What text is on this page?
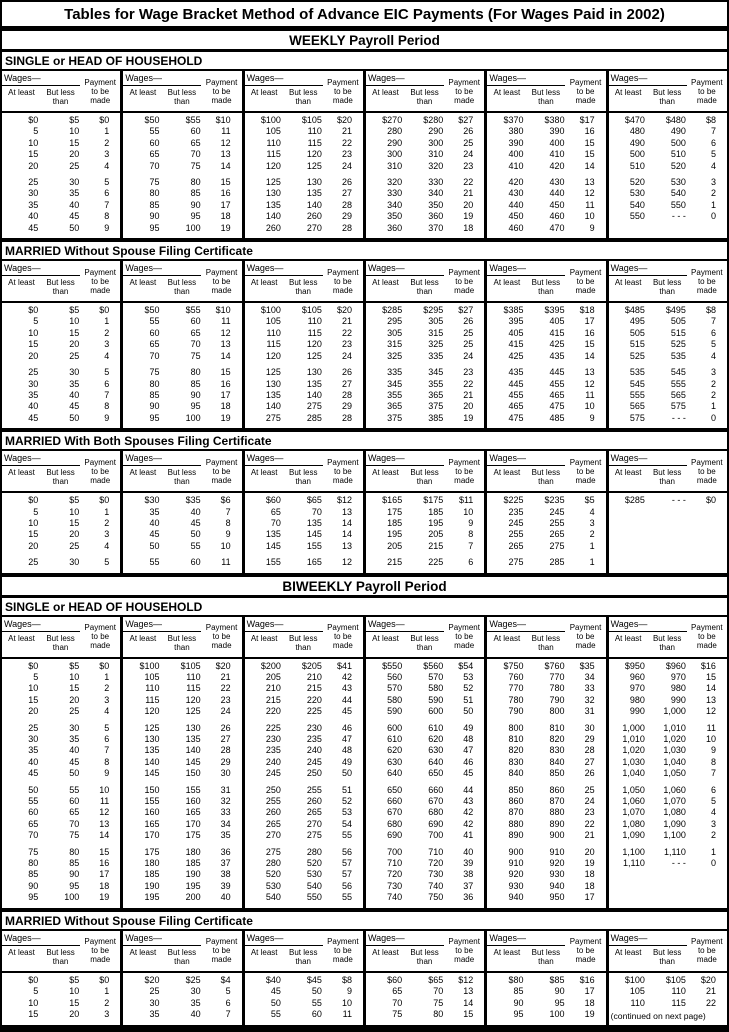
Tables for Wage Bracket Method of Advance EIC Payments (For Wages Paid in 2002)
WEEKLY Payroll Period
SINGLE or HEAD OF HOUSEHOLD
Wages—
At least	But less than
Payment to be made
$0	$5	$0
5	10	1
10	15	2
15	20	3
20	25	4
25	30	5
30	35	6
35	40	7
40	45	8
45	50	9
Wages—
At least	But less than
Payment to be made
$50	$55	$10
55	60	11
60	65	12
65	70	13
70	75	14
75	80	15
80	85	16
85	90	17
90	95	18
95	100	19
Wages—
At least	But less than
Payment to be made
$100	$105	$20
105	110	21
110	115	22
115	120	23
120	125	24
125	130	26
130	135	27
135	140	28
140	260	29
260	270	28
Wages—
At least	But less than
Payment to be made
$270	$280	$27
280	290	26
290	300	25
300	310	24
310	320	23
320	330	22
330	340	21
340	350	20
350	360	19
360	370	18
Wages—
At least	But less than
Payment to be made
$370	$380	$17
380	390	16
390	400	15
400	410	15
410	420	14
420	430	13
430	440	12
440	450	11
450	460	10
460	470	9
Wages—
At least	But less than
Payment to be made
$470	$480	$8
480	490	7
490	500	6
500	510	5
510	520	4
520	530	3
530	540	2
540	550	1
550	- - -	0
MARRIED Without Spouse Filing Certificate
Wages—
At least	But less than
Payment to be made
$0	$5	$0
5	10	1
10	15	2
15	20	3
20	25	4
25	30	5
30	35	6
35	40	7
40	45	8
45	50	9
Wages—
At least	But less than
Payment to be made
$50	$55	$10
55	60	11
60	65	12
65	70	13
70	75	14
75	80	15
80	85	16
85	90	17
90	95	18
95	100	19
Wages—
At least	But less than
Payment to be made
$100	$105	$20
105	110	21
110	115	22
115	120	23
120	125	24
125	130	26
130	135	27
135	140	28
140	275	29
275	285	28
Wages—
At least	But less than
Payment to be made
$285	$295	$27
295	305	26
305	315	25
315	325	25
325	335	24
335	345	23
345	355	22
355	365	21
365	375	20
375	385	19
Wages—
At least	But less than
Payment to be made
$385	$395	$18
395	405	17
405	415	16
415	425	15
425	435	14
435	445	13
445	455	12
455	465	11
465	475	10
475	485	9
Wages—
At least	But less than
Payment to be made
$485	$495	$8
495	505	7
505	515	6
515	525	5
525	535	4
535	545	3
545	555	2
555	565	2
565	575	1
575	- - -	0
MARRIED With Both Spouses Filing Certificate
Wages—
At least	But less than
Payment to be made
$0	$5	$0
5	10	1
10	15	2
15	20	3
20	25	4
25	30	5
Wages—
At least	But less than
Payment to be made
$30	$35	$6
35	40	7
40	45	8
45	50	9
50	55	10
55	60	11
Wages—
At least	But less than
Payment to be made
$60	$65	$12
65	70	13
70	135	14
135	145	14
145	155	13
155	165	12
Wages—
At least	But less than
Payment to be made
$165	$175	$11
175	185	10
185	195	9
195	205	8
205	215	7
215	225	6
Wages—
At least	But less than
Payment to be made
$225	$235	$5
235	245	4
245	255	3
255	265	2
265	275	1
275	285	1
Wages—
At least	But less than
Payment to be made
$285	- - -	$0
BIWEEKLY Payroll Period
SINGLE or HEAD OF HOUSEHOLD
Wages—
At least	But less than
Payment to be made
$0	$5	$0
5	10	1
10	15	2
15	20	3
20	25	4
25	30	5
30	35	6
35	40	7
40	45	8
45	50	9
50	55	10
55	60	11
60	65	12
65	70	13
70	75	14
75	80	15
80	85	16
85	90	17
90	95	18
95	100	19
Wages—
At least	But less than
Payment to be made
$100	$105	$20
105	110	21
110	115	22
115	120	23
120	125	24
125	130	26
130	135	27
135	140	28
140	145	29
145	150	30
150	155	31
155	160	32
160	165	33
165	170	34
170	175	35
175	180	36
180	185	37
185	190	38
190	195	39
195	200	40
Wages—
At least	But less than
Payment to be made
$200	$205	$41
205	210	42
210	215	43
215	220	44
220	225	45
225	230	46
230	235	47
235	240	48
240	245	49
245	250	50
250	255	51
255	260	52
260	265	53
265	270	54
270	275	55
275	280	56
280	520	57
520	530	57
530	540	56
540	550	55
Wages—
At least	But less than
Payment to be made
$550	$560	$54
560	570	53
570	580	52
580	590	51
590	600	50
600	610	49
610	620	48
620	630	47
630	640	46
640	650	45
650	660	44
660	670	43
670	680	42
680	690	42
690	700	41
700	710	40
710	720	39
720	730	38
730	740	37
740	750	36
Wages—
At least	But less than
Payment to be made
$750	$760	$35
760	770	34
770	780	33
780	790	32
790	800	31
800	810	30
810	820	29
820	830	28
830	840	27
840	850	26
850	860	25
860	870	24
870	880	23
880	890	22
890	900	21
900	910	20
910	920	19
920	930	18
930	940	18
940	950	17
Wages—
At least	But less than
Payment to be made
$950	$960	$16
960	970	15
970	980	14
980	990	13
990	1,000	12
1,000	1,010	11
1,010	1,020	10
1,020	1,030	9
1,030	1,040	8
1,040	1,050	7
1,050	1,060	6
1,060	1,070	5
1,070	1,080	4
1,080	1,090	3
1,090	1,100	2
1,100	1,110	1
1,110	- - -	0
MARRIED Without Spouse Filing Certificate
Wages—
At least	But less than
Payment to be made
$0	$5	$0
5	10	1
10	15	2
15	20	3
Wages—
At least	But less than
Payment to be made
$20	$25	$4
25	30	5
30	35	6
35	40	7
Wages—
At least	But less than
Payment to be made
$40	$45	$8
45	50	9
50	55	10
55	60	11
Wages—
At least	But less than
Payment to be made
$60	$65	$12
65	70	13
70	75	14
75	80	15
Wages—
At least	But less than
Payment to be made
$80	$85	$16
85	90	17
90	95	18
95	100	19
Wages—
At least	But less than
Payment to be made
$100	$105	$20
105	110	21
110	115	22
(continued on next page)
